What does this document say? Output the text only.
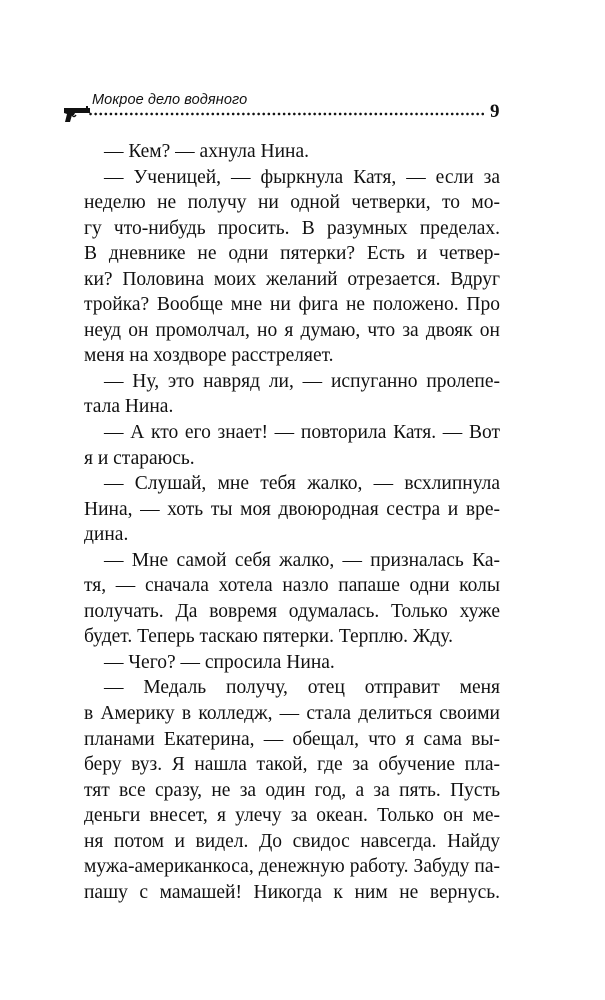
Мокрое дело водяного
9

— Кем? — ахнула Нина.

— Ученицей, — фыркнула Катя, — если за
неделю не получу ни одной четверки, то мо-
гу что-нибудь просить. В разумных пределах.
В дневнике не одни пятерки? Есть и четвер-
ки? Половина моих желаний отрезается. Вдруг
тройка? Вообще мне ни фига не положено. Про
неуд он промолчал, но я думаю, что за двояк он
меня на хоздворе расстреляет.

— Ну, это навряд ли, — испуганно пролепе-
тала Нина.

— А кто его знает! — повторила Катя. — Вот
я и стараюсь.

— Слушай, мне тебя жалко, — всхлипнула
Нина, — хоть ты моя двоюродная сестра и вре-
дина.

— Мне самой себя жалко, — призналась Ка-
тя, — сначала хотела назло папаше одни колы
получать. Да вовремя одумалась. Только хуже
будет. Теперь таскаю пятерки. Терплю. Жду.

— Чего? — спросила Нина.

— Медаль получу, отец отправит меня
в Америку в колледж, — стала делиться своими
планами Екатерина, — обещал, что я сама вы-
беру вуз. Я нашла такой, где за обучение пла-
тят все сразу, не за один год, а за пять. Пусть
деньги внесет, я улечу за океан. Только он ме-
ня потом и видел. До свидос навсегда. Найду
мужа-американкоса, денежную работу. Забуду па-
пашу с мамашей! Никогда к ним не вернусь.
